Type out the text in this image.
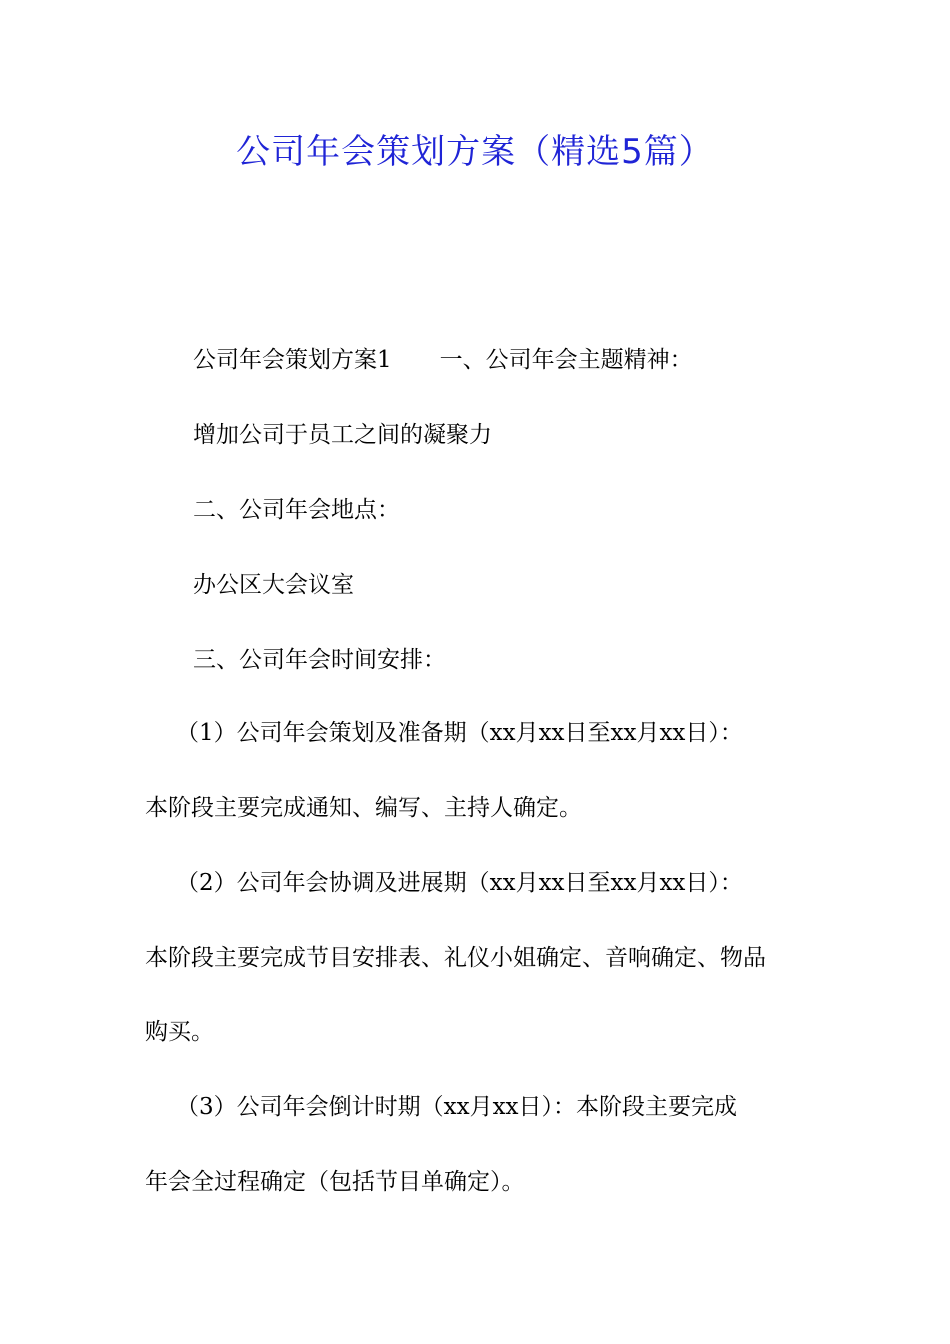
公司年会策划方案（精选5篇）

公司年会策划方案1 一、公司年会主题精神：

增加公司于员工之间的凝聚力

二、公司年会地点：

办公区大会议室

三、公司年会时间安排：

（1）公司年会策划及准备期（xx月xx日至xx月xx日）：

本阶段主要完成通知、编写、主持人确定。

（2）公司年会协调及进展期（xx月xx日至xx月xx日）：

本阶段主要完成节目安排表、礼仪小姐确定、音响确定、物品

购买。

（3）公司年会倒计时期（xx月xx日）：本阶段主要完成

年会全过程确定（包括节目单确定）。
